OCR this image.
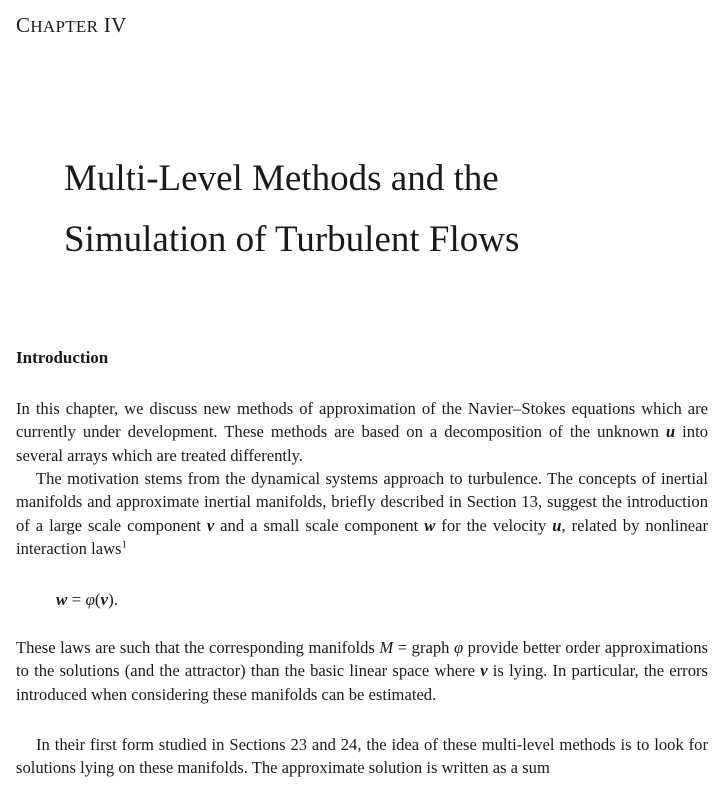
CHAPTER IV
Multi-Level Methods and the
Simulation of Turbulent Flows
Introduction

In this chapter, we discuss new methods of approximation of the Navier–Stokes equations which are currently under development. These methods are based on a decomposition of the unknown u into several arrays which are treated differently.

The motivation stems from the dynamical systems approach to turbulence. The concepts of inertial manifolds and approximate inertial manifolds, briefly described in Section 13, suggest the introduction of a large scale component v and a small scale component w for the velocity u, related by nonlinear interaction laws$^1$

w = φ(v).

These laws are such that the corresponding manifolds M = graph φ provide better order approximations to the solutions (and the attractor) than the basic linear space where v is lying. In particular, the errors introduced when considering these manifolds can be estimated.

In their first form studied in Sections 23 and 24, the idea of these multi-level methods is to look for solutions lying on these manifolds. The approximate solution is written as a sum
